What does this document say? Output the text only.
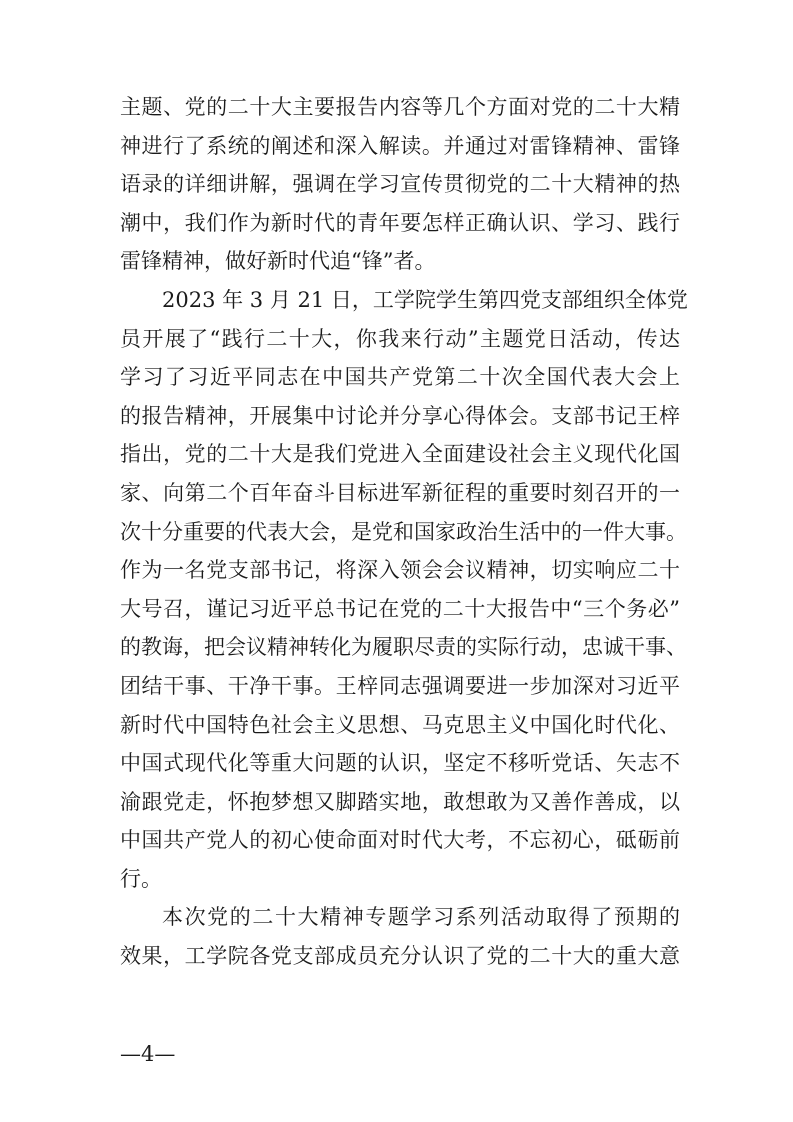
主题、党的二十大主要报告内容等几个方面对党的二十大精
神进行了系统的阐述和深入解读。并通过对雷锋精神、雷锋
语录的详细讲解，强调在学习宣传贯彻党的二十大精神的热
潮中，我们作为新时代的青年要怎样正确认识、学习、践行
雷锋精神，做好新时代追“锋”者。
2023 年 3 月 21 日，工学院学生第四党支部组织全体党
员开展了“践行二十大，你我来行动”主题党日活动，传达
学习了习近平同志在中国共产党第二十次全国代表大会上
的报告精神，开展集中讨论并分享心得体会。支部书记王梓
指出，党的二十大是我们党进入全面建设社会主义现代化国
家、向第二个百年奋斗目标进军新征程的重要时刻召开的一
次十分重要的代表大会，是党和国家政治生活中的一件大事。
作为一名党支部书记，将深入领会会议精神，切实响应二十
大号召，谨记习近平总书记在党的二十大报告中“三个务必”
的教诲，把会议精神转化为履职尽责的实际行动，忠诚干事、
团结干事、干净干事。王梓同志强调要进一步加深对习近平
新时代中国特色社会主义思想、马克思主义中国化时代化、
中国式现代化等重大问题的认识，坚定不移听党话、矢志不
渝跟党走，怀抱梦想又脚踏实地，敢想敢为又善作善成，以
中国共产党人的初心使命面对时代大考，不忘初心，砥砺前
行。
本次党的二十大精神专题学习系列活动取得了预期的
效果，工学院各党支部成员充分认识了党的二十大的重大意
—4—
